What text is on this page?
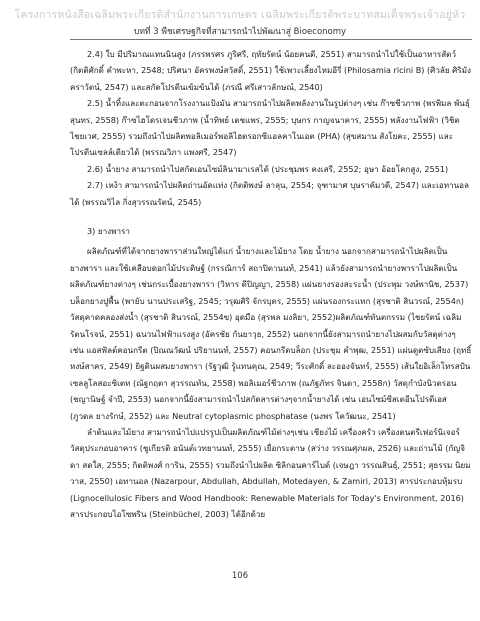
โครงการหนังสือเฉลิมพระเกียรติสำนักงานการเกษตร เฉลิมพระเกียรติพระบาทสมเด็จพระเจ้าอยู่หัว
บทที่ 3 พืชเศรษฐกิจที่สามารถนำไปพัฒนาสู่ Bioeconomy

2.4) ใบ มีปริมาณแทนนินสูง (ภรรพรศร ภูริศรี, ฤทัยรัตน์ น้อยคนดี, 2551) สามารถนำไปใช้เป็นอาหารสัตว์ (กิตติศักดิ์ คำพะหา, 2548; ปริศนา อัครพงษ์สวัสดิ์, 2551) ใช้เพาะเลี้ยงไหมอีรี่ (Philosamia ricini B) (ศิวลัย ศิริมังคราวัตน์, 2547) และสกัดโปรตีนเข้มข้นได้ (ภรณี ศรีเสาวลักษณ์, 2540)

2.5) น้ำทิ้งและตะกอนจากโรงงานแป้งมัน สามารถนำไปผลิตพลังงานในรูปต่างๆ เช่น ก๊าซชีวภาพ (พรพิมล พันธุ์สุนทร, 2558) ก๊าซไฮโดรเจนชีวภาพ (น้ำทิพย์ เดชแพร, 2555; บุษกร กาญจนาคาร, 2555) พลังงานไฟฟ้า (วิชิต ไชยเวศ, 2555) รวมถึงนำไปผลิตพอลิเมอร์พอลิไฮดรอกซีแอลคาโนเอต (PHA) (สุขสมาน สังโยคะ, 2555) และโปรตีนเซลล์เดียวได้ (พรรณวิภา แพงศรี, 2547)

2.6) น้ำยาง สามารถนำไปสกัดเอนไซม์ลินามาเรสได้ (ประชุมพร คงเสรี, 2552; อุษา อ้อยโคกสูง, 2551)

2.7) เหง้า สามารถนำไปผลิตถ่านอัดแท่ง (กิตติพงษ์ ลาลุน, 2554; จุฑามาศ บุษราคัมวดี, 2547) และเอทานอลได้ (พรรณวิไล กิ่งสุวรรณรัตน์, 2545)

3) ยางพารา

ผลิตภัณฑ์ที่ได้จากยางพาราส่วนใหญ่ได้แก่ น้ำยางและไม้ยาง โดย น้ำยาง นอกจากสามารถนำไปผลิตเป็นยางพารา และใช้เคลือบดอกไม้ประดิษฐ์ (กรรณิการ์ สถาปิตานนท์, 2541) แล้วยังสามารถนำยางพาราไปผลิตเป็นผลิตภัณฑ์ยางต่างๆ เช่นกระเบื้องยางพารา (วิหาร ดีปิญญา, 2558) แผ่นยางรองสะระน้ำ (ประพุม วงษ์พานิช, 2537) บล็อกยางปูพื้น (พายับ นานประเสริฐ, 2545; วรุฒศิริ จักรบุตร, 2555) แผ่นรองกระแทก (สุรชาติ สินวรณ์, 2554ก) วัสดุคาดคลองส่งน้ำ (สุรชาติ สินวรณ์, 2554ข) อุดมือ (สุรพล มงลิยา, 2552)ผลิตภัณฑ์ทันตกรรม (ไชยรัตน์ เฉลิมรัตนโรจน์, 2551) ฉนวนไฟฟ้าแรงสูง (อัครชัย กันยาวุธ, 2552) นอกจากนี้ยังสามารถนำยางไปผสมกับวัสดุต่างๆ เช่น แอสฟัลต์คอนกรีต (ปิณณวัฒน์ ปริยานนท์, 2557) คอนกรีตบล็อก (ประชุม คำพุฒ, 2551) แผ่นดูดซับเสียง (ฤทธิ์ หงษ์สาคร, 2549) ยิฐดินผสมยางพารา (รัฐวุฒิ รู้แทนคุณ, 2549; วีระศักดิ์ ละอองจันทร์, 2555) เส้นใยอิเล็กโทรสปันเซลลูโลสอะซิเตท (ณัฐกฤตา สุวรรณทัน, 2558) พอลิเมอร์ชีวภาพ (ณภัฐภัทร จินดา, 2558ก) วัสดุกำบังนิวตรอน (ชญานิษฐ์ จำปี, 2553) นอกจากนี้ยังสามารถนำไปสกัดสารต่างๆจากน้ำยางได้ เช่น เอนไซม์ซีสเตอีนโปรตีเอส (ภูวดล ยางรักษ์, 2552) และ Neutral cytoplasmic phosphatase (นงพร โควัฒนะ, 2541)

ลำต้นและไม้ยาง สามารถนำไปแปรรูปเป็นผลิตภัณฑ์ไม้ต่างๆเช่น เชียงไม้ เครื่องครัว เครื่องดนตรีเฟอร์นิเจอร์ วัสดุประกอบอาคาร (ชูเกียรติ อนันต์เวทยานนท์, 2555) เยื่อกระดาษ (สว่าง วรรณศุภผล, 2526) และถ่านไม้ (กัญจิดา สดใส, 2555; กิตติพงศ์ การิน, 2555) รวมถึงนำไปผลิต ซิลิกอนคาร์ไบด์ (เจษฎา วรรณสินธุ์, 2551; สุธรรม นิยมวาส, 2550) เอทานอล (Nazarpour, Abdullah, Abdullah, Motedayen, & Zamiri, 2013) สารประกอบหุ้มรบ (Lignocellulosic Fibers and Wood Handbook: Renewable Materials for Today's Environment, 2016) สารประกอบไอโซพริน (Steinbüchel, 2003) ได้อีกด้วย

106
